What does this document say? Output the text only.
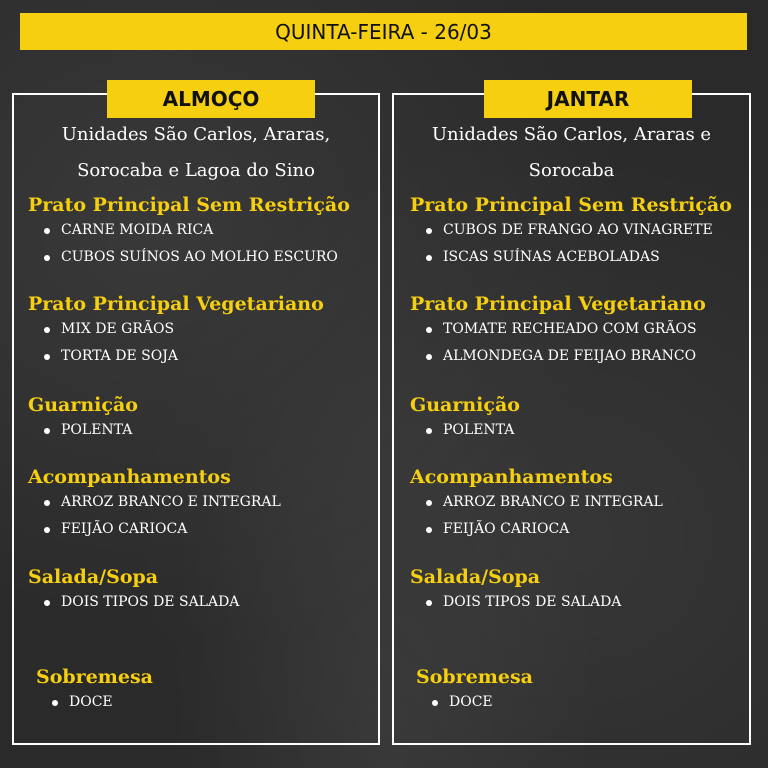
QUINTA-FEIRA - 26/03
ALMOÇO
Unidades São Carlos, Araras,
Sorocaba e Lagoa do Sino
Prato Principal Sem Restrição
CARNE MOIDA RICA
CUBOS SUÍNOS AO MOLHO ESCURO
Prato Principal Vegetariano
MIX DE GRÃOS
TORTA DE SOJA
Guarnição
POLENTA
Acompanhamentos
ARROZ BRANCO E INTEGRAL
FEIJÃO CARIOCA
Salada/Sopa
DOIS TIPOS DE SALADA
Sobremesa
DOCE
JANTAR
Unidades São Carlos, Araras e
Sorocaba
Prato Principal Sem Restrição
CUBOS DE FRANGO AO VINAGRETE
ISCAS SUÍNAS ACEBOLADAS
Prato Principal Vegetariano
TOMATE RECHEADO COM GRÃOS
ALMONDEGA DE FEIJAO BRANCO
Guarnição
POLENTA
Acompanhamentos
ARROZ BRANCO E INTEGRAL
FEIJÃO CARIOCA
Salada/Sopa
DOIS TIPOS DE SALADA
Sobremesa
DOCE
